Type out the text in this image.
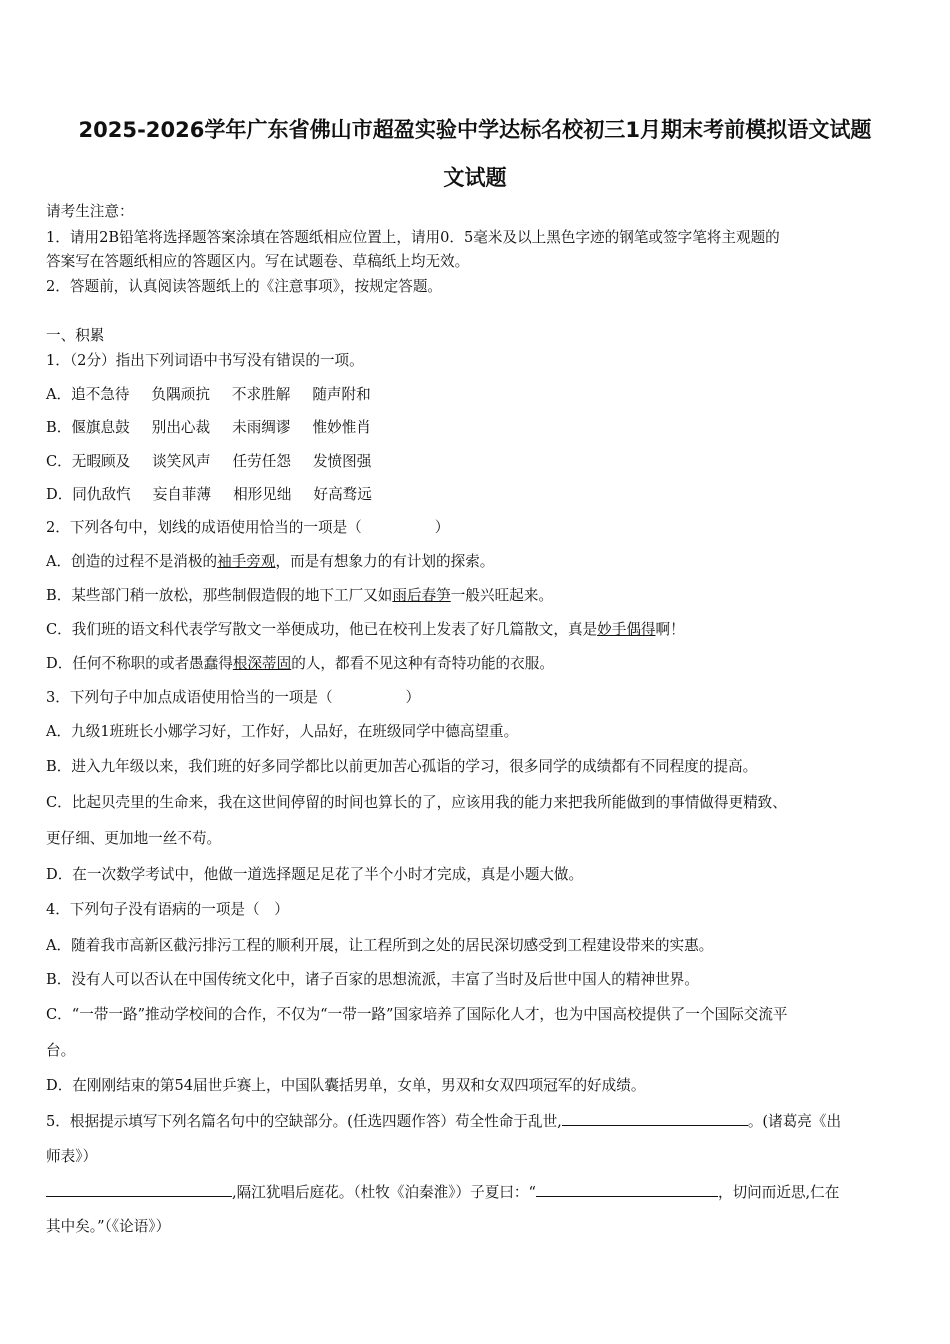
2025-2026学年广东省佛山市超盈实验中学达标名校初三1月期末考前模拟语文试题
文试题
请考生注意：
1．请用2B铅笔将选择题答案涂填在答题纸相应位置上，请用0．5毫米及以上黑色字迹的钢笔或签字笔将主观题的
答案写在答题纸相应的答题区内。写在试题卷、草稿纸上均无效。
2．答题前，认真阅读答题纸上的《注意事项》，按规定答题。
一、积累
1．（2分）指出下列词语中书写没有错误的一项。
A．追不急待 负隅顽抗 不求胜解 随声附和
B．偃旗息鼓 别出心裁 未雨绸谬 惟妙惟肖
C．无暇顾及 谈笑风声 任劳任怨 发愤图强
D．同仇敌忾 妄自菲薄 相形见绌 好高骛远
2．下列各句中，划线的成语使用恰当的一项是（　　　　　）
A．创造的过程不是消极的袖手旁观，而是有想象力的有计划的探索。
B．某些部门稍一放松，那些制假造假的地下工厂又如雨后春笋一般兴旺起来。
C．我们班的语文科代表学写散文一举便成功，他已在校刊上发表了好几篇散文，真是妙手偶得啊！
D．任何不称职的或者愚蠢得根深蒂固的人，都看不见这种有奇特功能的衣服。
3．下列句子中加点成语使用恰当的一项是（　　　　　）
A．九级1班班长小娜学习好，工作好，人品好，在班级同学中德高望重。
B．进入九年级以来，我们班的好多同学都比以前更加苦心孤诣的学习，很多同学的成绩都有不同程度的提高。
C．比起贝壳里的生命来，我在这世间停留的时间也算长的了，应该用我的能力来把我所能做到的事情做得更精致、
更仔细、更加地一丝不苟。
D．在一次数学考试中，他做一道选择题足足花了半个小时才完成，真是小题大做。
4．下列句子没有语病的一项是（　）
A．随着我市高新区截污排污工程的顺利开展，让工程所到之处的居民深切感受到工程建设带来的实惠。
B．没有人可以否认在中国传统文化中，诸子百家的思想流派，丰富了当时及后世中国人的精神世界。
C．“一带一路”推动学校间的合作，不仅为“一带一路”国家培养了国际化人才，也为中国高校提供了一个国际交流平
台。
D．在刚刚结束的第54届世乒赛上，中国队囊括男单，女单，男双和女双四项冠军的好成绩。
5．根据提示填写下列名篇名句中的空缺部分。(任选四题作答）苟全性命于乱世,	。(诸葛亮《出
师表》）
,隔江犹唱后庭花。（杜牧《泊秦淮》）子夏曰：“	，切问而近思,仁在
其中矣。”（《论语》）
